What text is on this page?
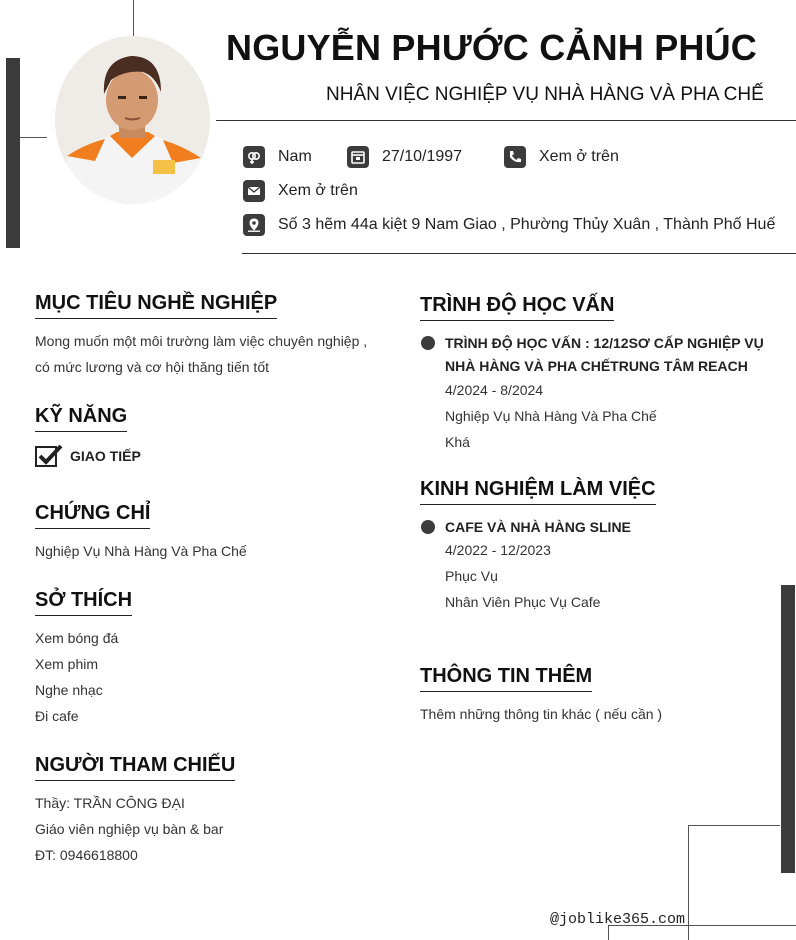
NGUYỄN PHƯỚC CẢNH PHÚC
NHÂN VIỆC NGHIỆP VỤ NHÀ HÀNG VÀ PHA CHẾ
Nam	27/10/1997	Xem ở trên
Xem ở trên
Số 3 hẽm 44a kiệt 9 Nam Giao , Phường Thủy Xuân , Thành Phố Huế
MỤC TIÊU NGHỀ NGHIỆP
Mong muốn một môi trường làm việc chuyên nghiệp ,
có mức lương và cơ hội thăng tiến tốt
KỸ NĂNG
GIAO TIẾP
CHỨNG CHỈ
Nghiệp Vụ Nhà Hàng Và Pha Chế
SỞ THÍCH
Xem bóng đá
Xem phim
Nghe nhạc
Đi cafe
NGƯỜI THAM CHIẾU
Thầy: TRẦN CÔNG ĐẠI
Giáo viên nghiệp vụ bàn & bar
ĐT: 0946618800
TRÌNH ĐỘ HỌC VẤN
TRÌNH ĐỘ HỌC VẤN : 12/12SƠ CẤP NGHIỆP VỤ
NHÀ HÀNG VÀ PHA CHẾTRUNG TÂM REACH
4/2024 - 8/2024
Nghiệp Vụ Nhà Hàng Và Pha Chế
Khá
KINH NGHIỆM LÀM VIỆC
CAFE VÀ NHÀ HÀNG SLINE
4/2022 - 12/2023
Phục Vụ
Nhân Viên Phục Vụ Cafe
THÔNG TIN THÊM
Thêm những thông tin khác ( nếu cần )
@joblike365.com
